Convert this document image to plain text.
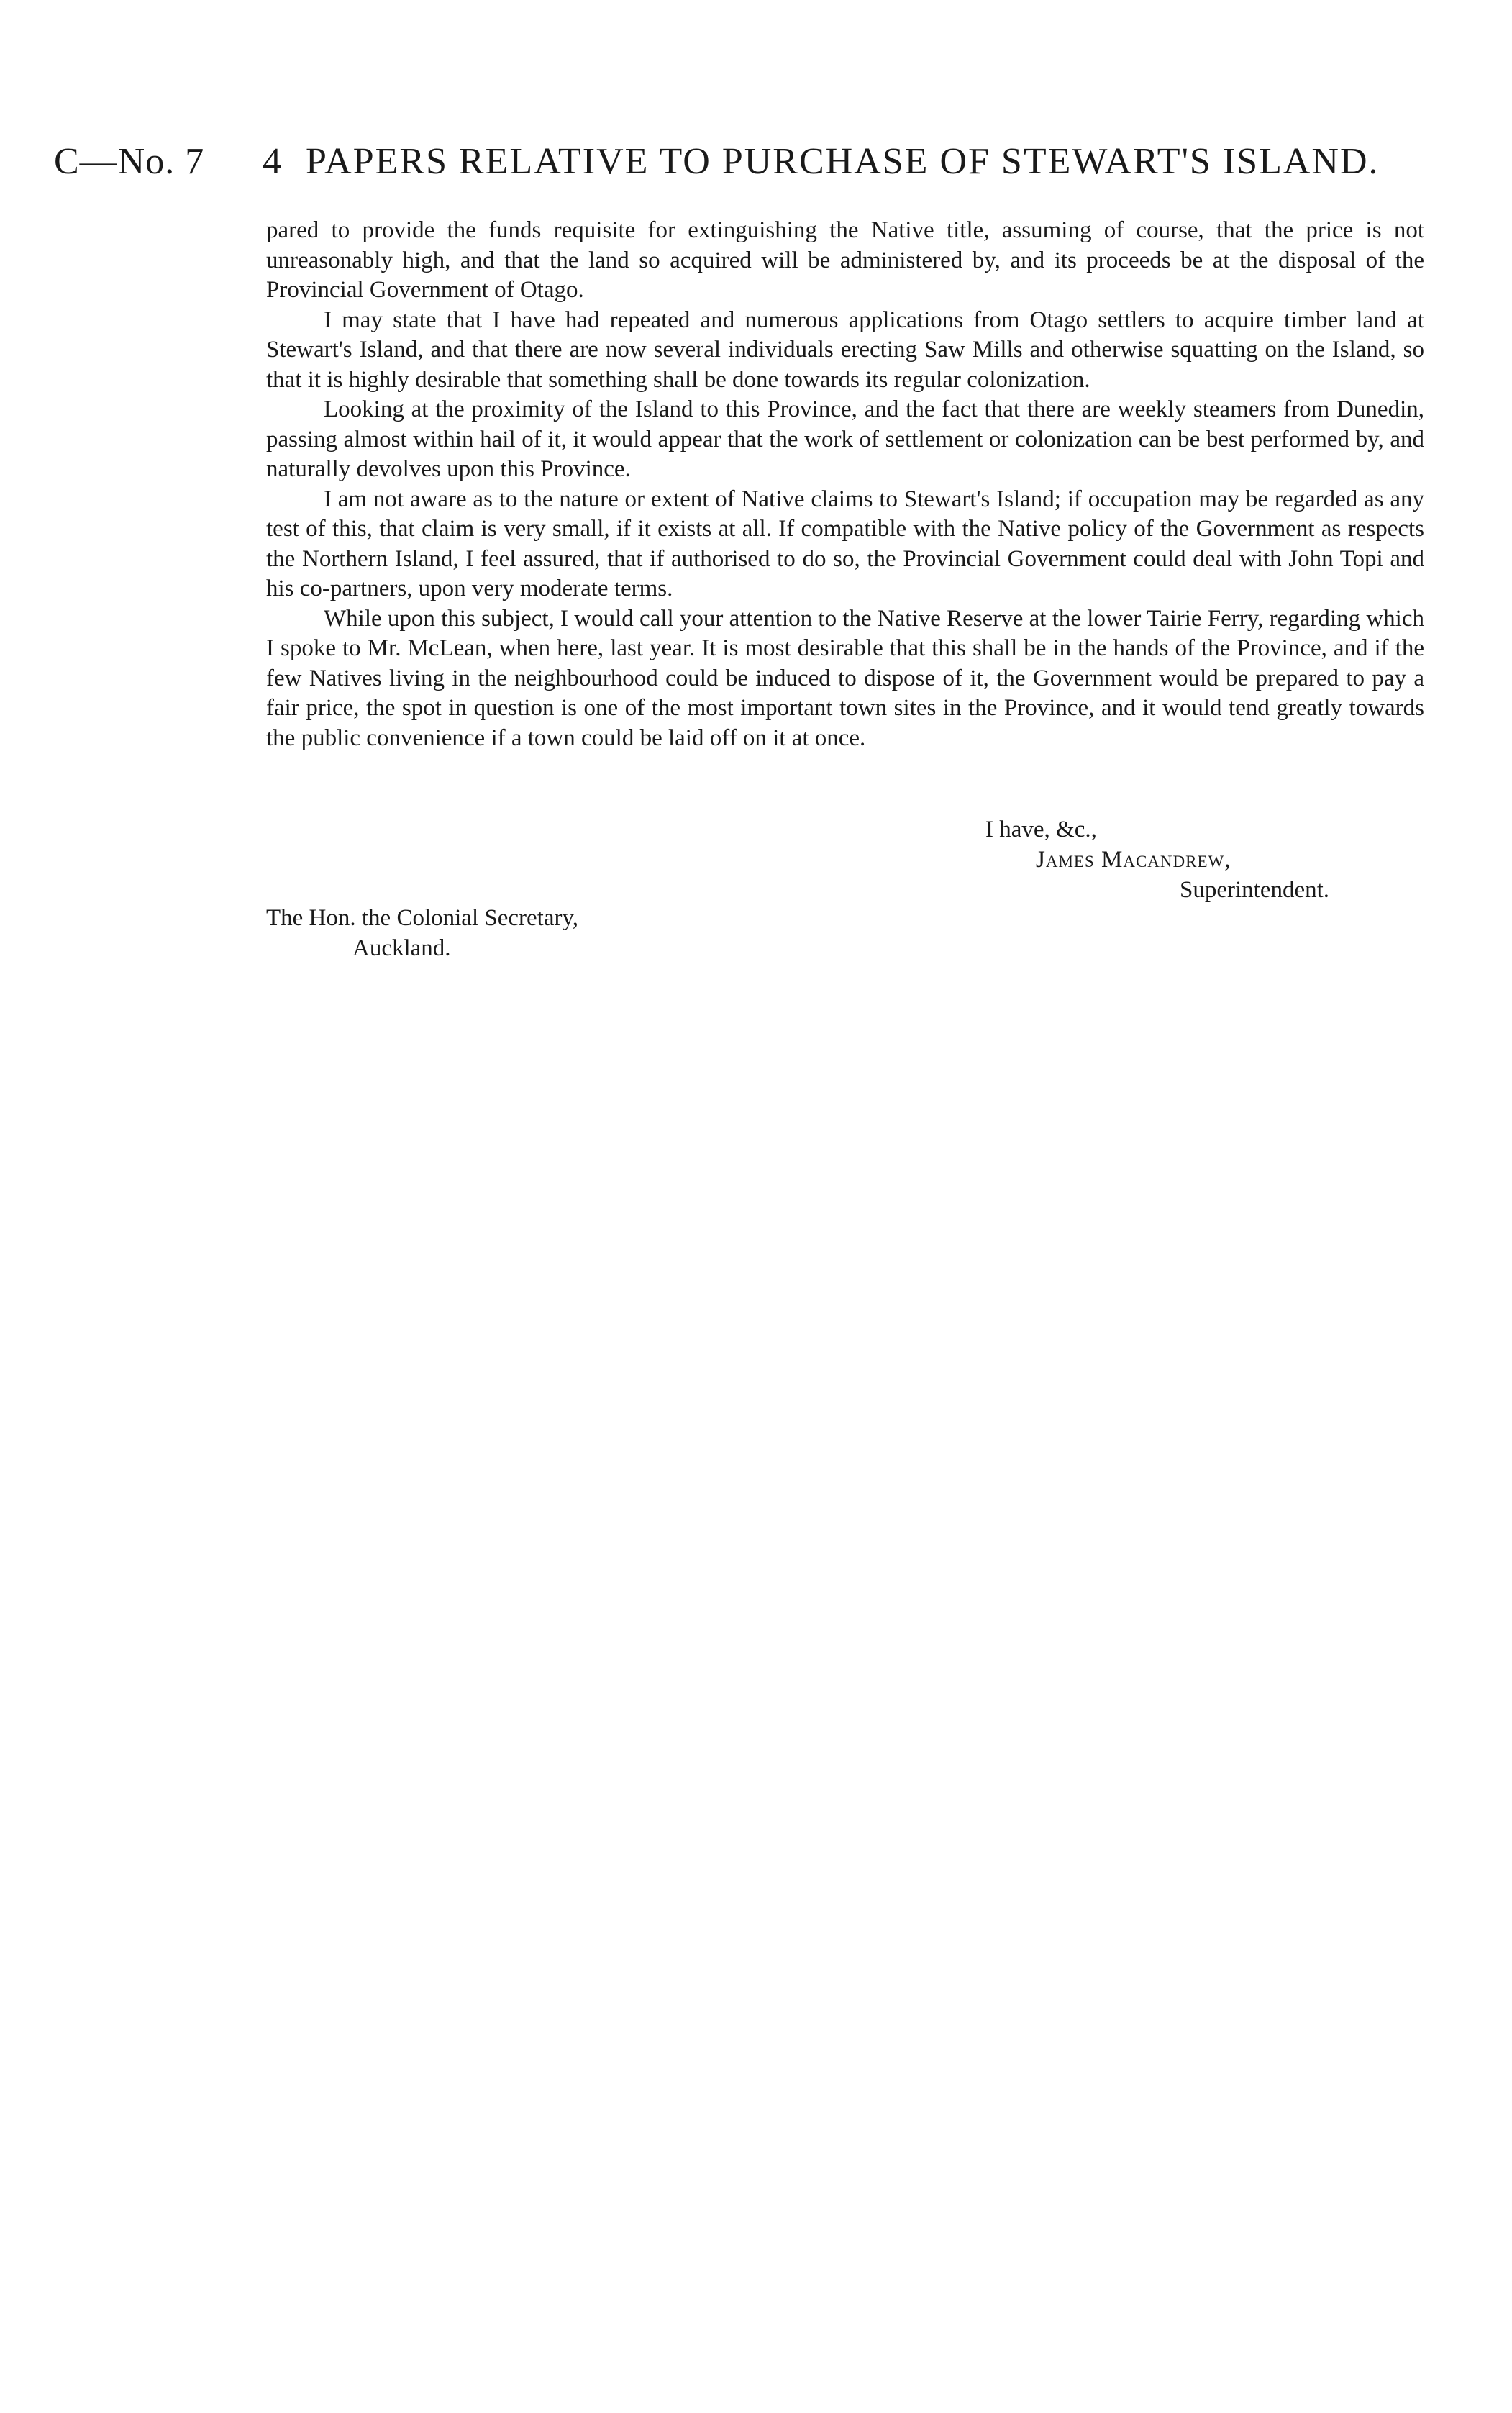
C—No. 7 4 PAPERS RELATIVE TO PURCHASE OF STEWART'S ISLAND.

pared to provide the funds requisite for extinguishing the Native title, assuming of course, that the price is not unreasonably high, and that the land so acquired will be administered by, and its proceeds be at the disposal of the Provincial Government of Otago.

I may state that I have had repeated and numerous applications from Otago settlers to acquire timber land at Stewart's Island, and that there are now several individuals erecting Saw Mills and otherwise squatting on the Island, so that it is highly desirable that something shall be done towards its regular colonization.

Looking at the proximity of the Island to this Province, and the fact that there are weekly steamers from Dunedin, passing almost within hail of it, it would appear that the work of settlement or colonization can be best performed by, and naturally devolves upon this Province.

I am not aware as to the nature or extent of Native claims to Stewart's Island; if occupation may be regarded as any test of this, that claim is very small, if it exists at all. If compatible with the Native policy of the Government as respects the Northern Island, I feel assured, that if authorised to do so, the Provincial Government could deal with John Topi and his co-partners, upon very moderate terms.

While upon this subject, I would call your attention to the Native Reserve at the lower Tairie Ferry, regarding which I spoke to Mr. McLean, when here, last year. It is most desirable that this shall be in the hands of the Province, and if the few Natives living in the neighbourhood could be induced to dispose of it, the Government would be prepared to pay a fair price, the spot in question is one of the most important town sites in the Province, and it would tend greatly towards the public convenience if a town could be laid off on it at once.

I have, &c.,
James Macandrew,
Superintendent.
The Hon. the Colonial Secretary,
Auckland.
